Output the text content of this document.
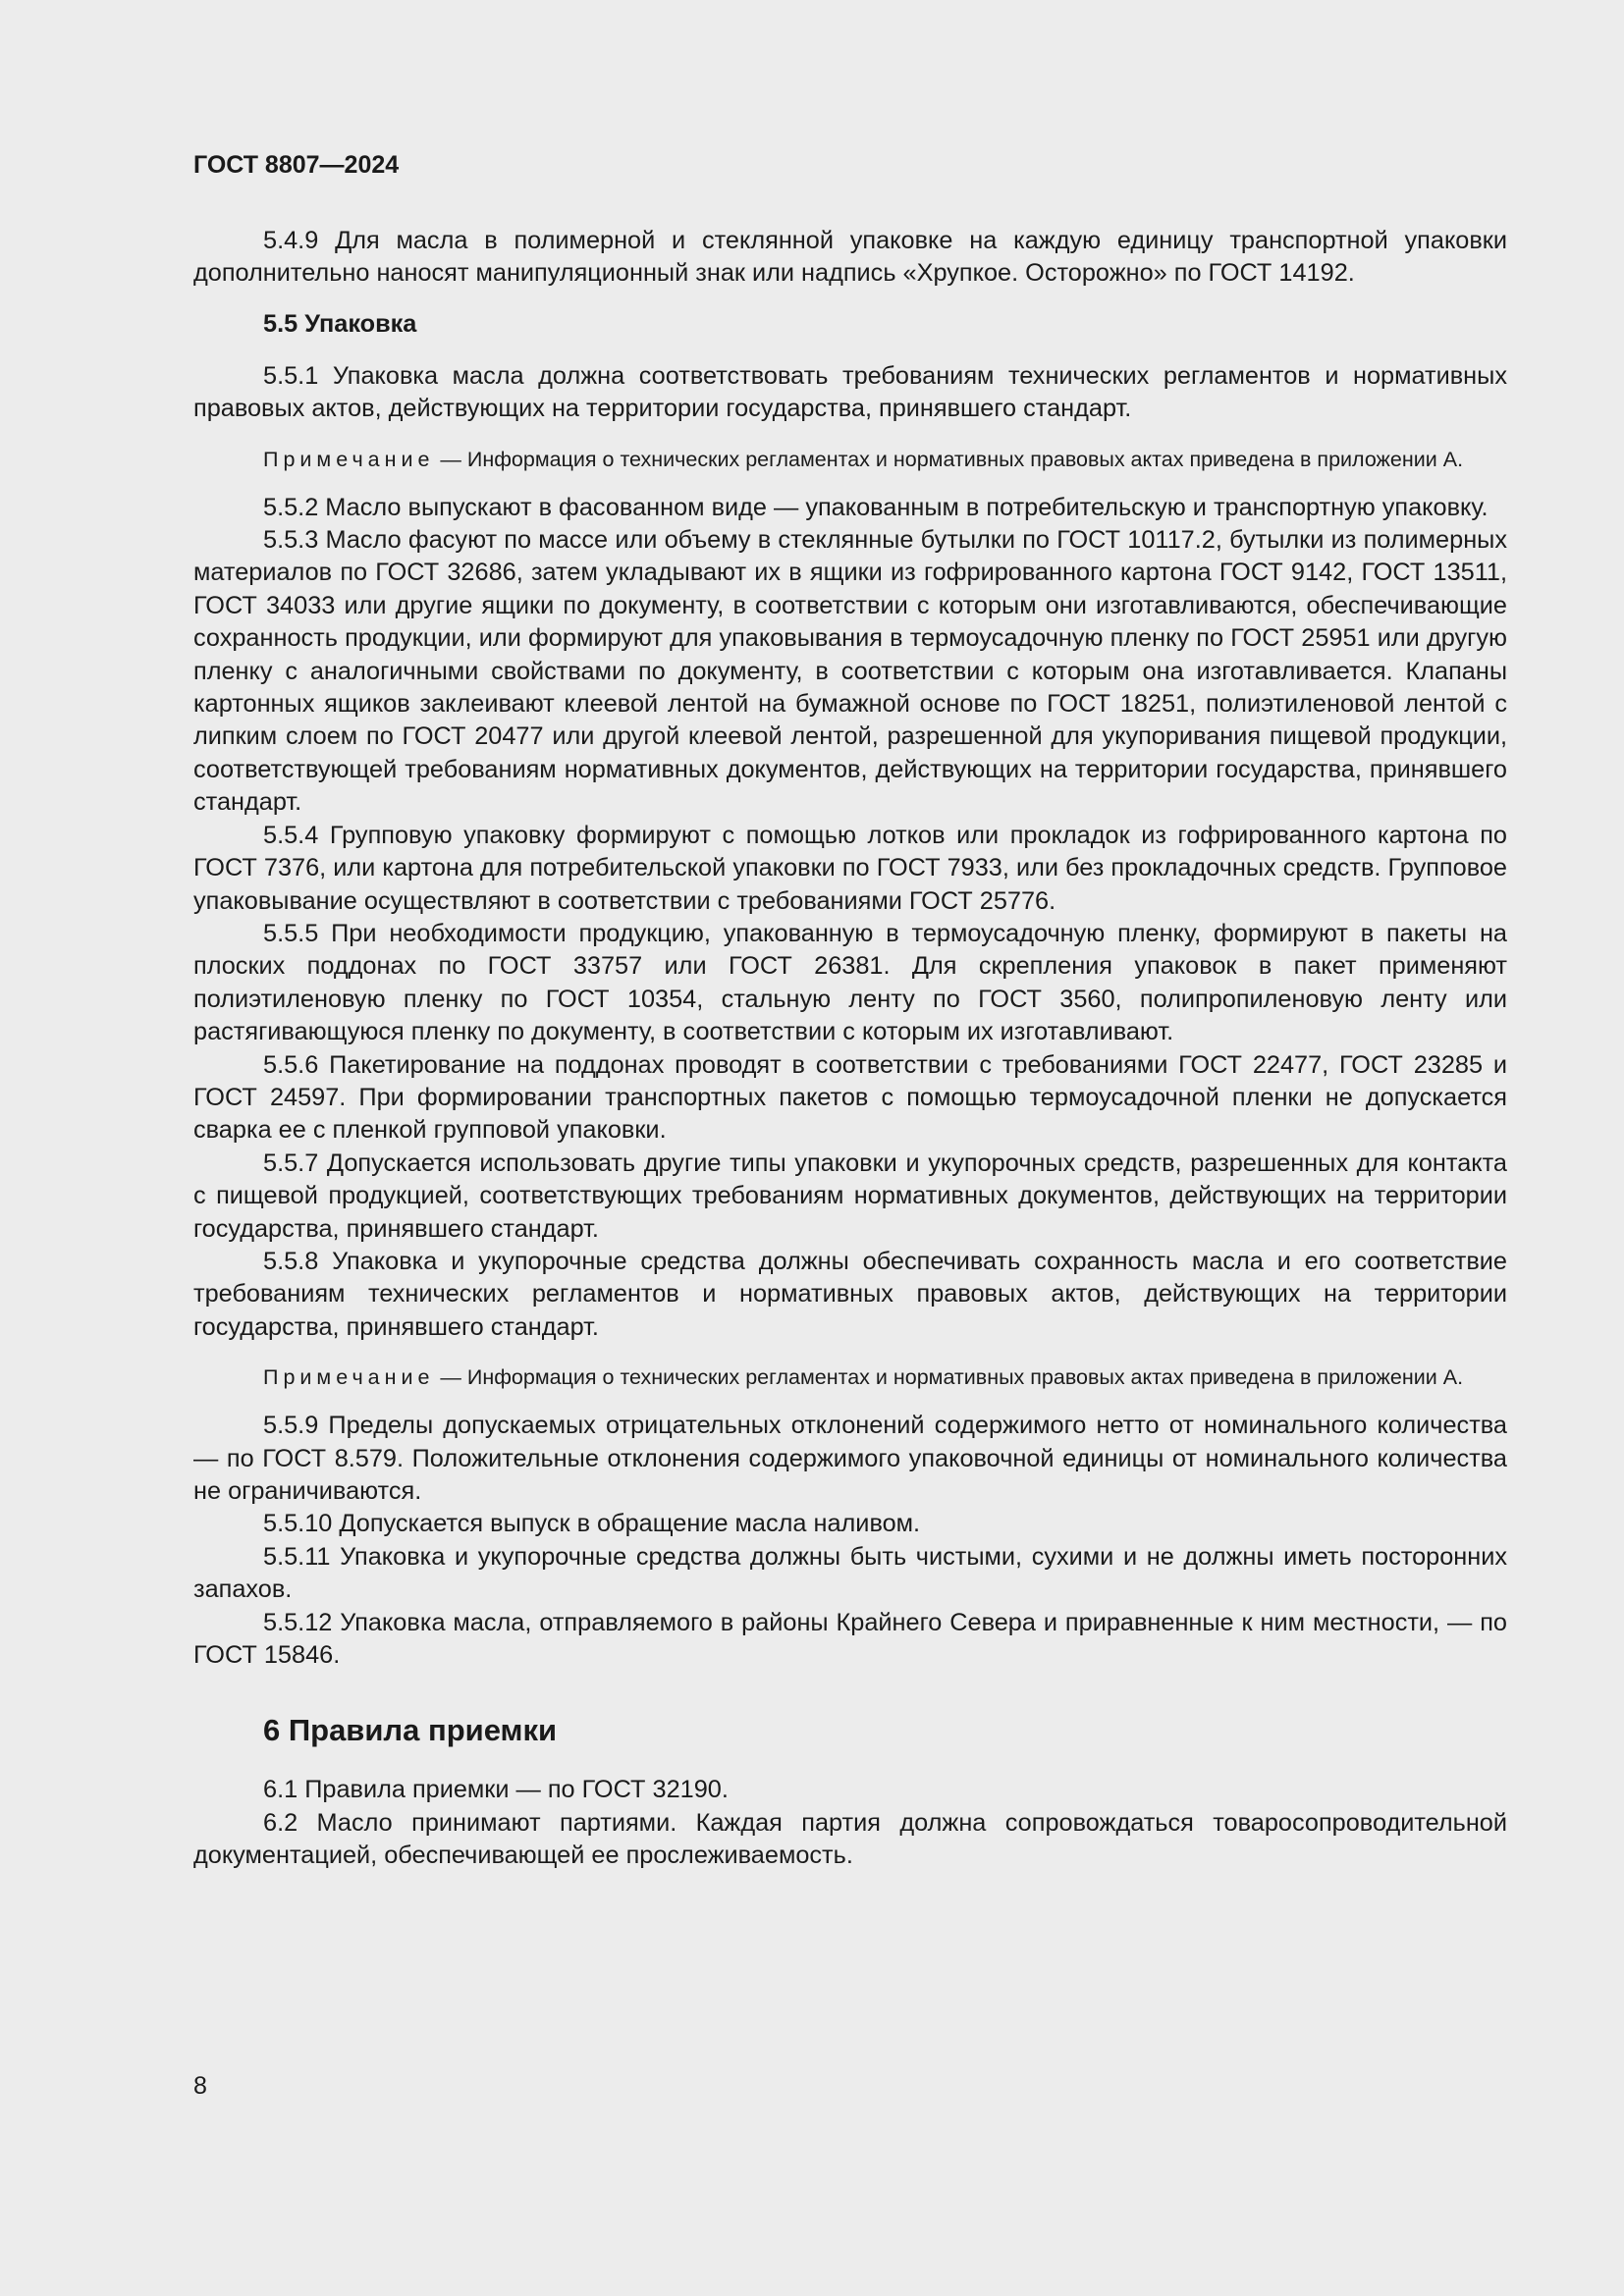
ГОСТ 8807—2024

5.4.9 Для масла в полимерной и стеклянной упаковке на каждую единицу транспортной упаковки дополнительно наносят манипуляционный знак или надпись «Хрупкое. Осторожно» по ГОСТ 14192.

5.5 Упаковка

5.5.1 Упаковка масла должна соответствовать требованиям технических регламентов и нормативных правовых актов, действующих на территории государства, принявшего стандарт.

Примечание — Информация о технических регламентах и нормативных правовых актах приведена в приложении А.

5.5.2 Масло выпускают в фасованном виде — упакованным в потребительскую и транспортную упаковку.

5.5.3 Масло фасуют по массе или объему в стеклянные бутылки по ГОСТ 10117.2, бутылки из полимерных материалов по ГОСТ 32686, затем укладывают их в ящики из гофрированного картона ГОСТ 9142, ГОСТ 13511, ГОСТ 34033 или другие ящики по документу, в соответствии с которым они изготавливаются, обеспечивающие сохранность продукции, или формируют для упаковывания в термоусадочную пленку по ГОСТ 25951 или другую пленку с аналогичными свойствами по документу, в соответствии с которым она изготавливается. Клапаны картонных ящиков заклеивают клеевой лентой на бумажной основе по ГОСТ 18251, полиэтиленовой лентой с липким слоем по ГОСТ 20477 или другой клеевой лентой, разрешенной для укупоривания пищевой продукции, соответствующей требованиям нормативных документов, действующих на территории государства, принявшего стандарт.

5.5.4 Групповую упаковку формируют с помощью лотков или прокладок из гофрированного картона по ГОСТ 7376, или картона для потребительской упаковки по ГОСТ 7933, или без прокладочных средств. Групповое упаковывание осуществляют в соответствии с требованиями ГОСТ 25776.

5.5.5 При необходимости продукцию, упакованную в термоусадочную пленку, формируют в пакеты на плоских поддонах по ГОСТ 33757 или ГОСТ 26381. Для скрепления упаковок в пакет применяют полиэтиленовую пленку по ГОСТ 10354, стальную ленту по ГОСТ 3560, полипропиленовую ленту или растягивающуюся пленку по документу, в соответствии с которым их изготавливают.

5.5.6 Пакетирование на поддонах проводят в соответствии с требованиями ГОСТ 22477, ГОСТ 23285 и ГОСТ 24597. При формировании транспортных пакетов с помощью термоусадочной пленки не допускается сварка ее с пленкой групповой упаковки.

5.5.7 Допускается использовать другие типы упаковки и укупорочных средств, разрешенных для контакта с пищевой продукцией, соответствующих требованиям нормативных документов, действующих на территории государства, принявшего стандарт.

5.5.8 Упаковка и укупорочные средства должны обеспечивать сохранность масла и его соответствие требованиям технических регламентов и нормативных правовых актов, действующих на территории государства, принявшего стандарт.

Примечание — Информация о технических регламентах и нормативных правовых актах приведена в приложении А.

5.5.9 Пределы допускаемых отрицательных отклонений содержимого нетто от номинального количества — по ГОСТ 8.579. Положительные отклонения содержимого упаковочной единицы от номинального количества не ограничиваются.

5.5.10 Допускается выпуск в обращение масла наливом.

5.5.11 Упаковка и укупорочные средства должны быть чистыми, сухими и не должны иметь посторонних запахов.

5.5.12 Упаковка масла, отправляемого в районы Крайнего Севера и приравненные к ним местности, — по ГОСТ 15846.

6 Правила приемки

6.1 Правила приемки — по ГОСТ 32190.

6.2 Масло принимают партиями. Каждая партия должна сопровождаться товаросопроводительной документацией, обеспечивающей ее прослеживаемость.

8
